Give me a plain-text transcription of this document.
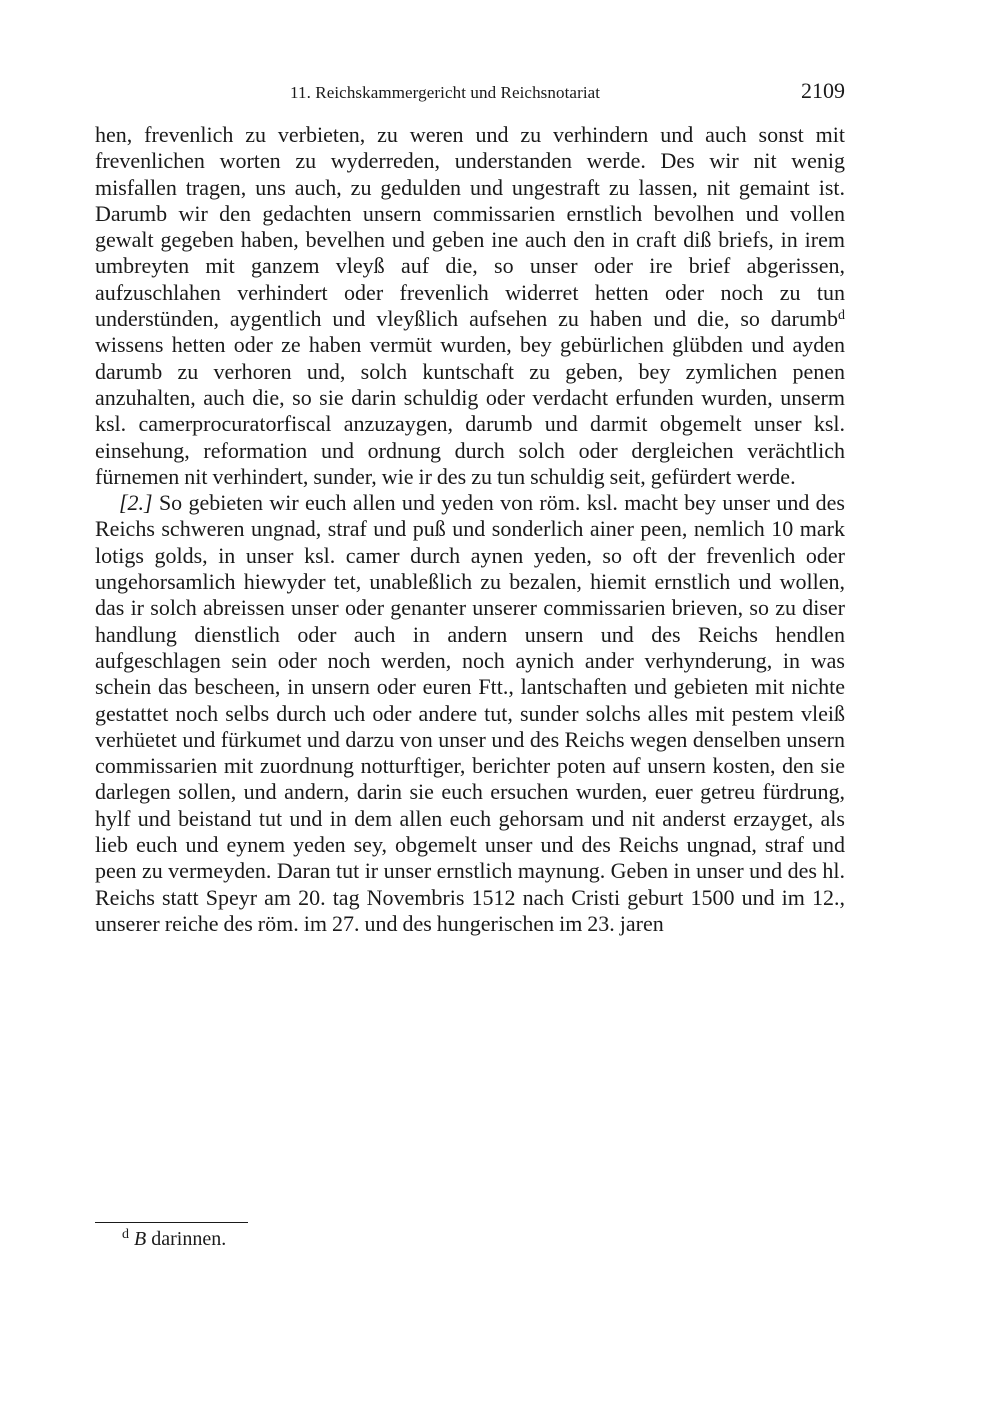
11. Reichskammergericht und Reichsnotariat	2109

hen, frevenlich zu verbieten, zu weren und zu verhindern und auch sonst mit frevenlichen worten zu wyderreden, understanden werde. Des wir nit wenig misfallen tragen, uns auch, zu gedulden und ungestraft zu lassen, nit gemaint ist. Darumb wir den gedachten unsern commissarien ernstlich bevolhen und vollen gewalt gegeben haben, bevelhen und geben ine auch den in craft diß briefs, in irem umbreyten mit ganzem vleyß auf die, so unser oder ire brief abgerissen, aufzuschlahen verhindert oder frevenlich widerret hetten oder noch zu tun understünden, aygentlich und vleyßlich aufsehen zu haben und die, so darumb$^d$ wissens hetten oder ze haben vermüt wurden, bey gebürlichen glübden und ayden darumb zu verhoren und, solch kuntschaft zu geben, bey zymlichen penen anzuhalten, auch die, so sie darin schuldig oder verdacht erfunden wurden, unserm ksl. camerprocuratorfiscal anzuzaygen, darumb und darmit obgemelt unser ksl. einsehung, reformation und ordnung durch solch oder dergleichen verächtlich fürnemen nit verhindert, sunder, wie ir des zu tun schuldig seit, gefürdert werde.

[2.] So gebieten wir euch allen und yeden von röm. ksl. macht bey unser und des Reichs schweren ungnad, straf und puß und sonderlich ainer peen, nemlich 10 mark lotigs golds, in unser ksl. camer durch aynen yeden, so oft der frevenlich oder ungehorsamlich hiewyder tet, unableßlich zu bezalen, hiemit ernstlich und wollen, das ir solch abreissen unser oder genanter unserer commissarien brieven, so zu diser handlung dienstlich oder auch in andern unsern und des Reichs hendlen aufgeschlagen sein oder noch werden, noch aynich ander verhynderung, in was schein das bescheen, in unsern oder euren Ftt., lantschaften und gebieten mit nichte gestattet noch selbs durch uch oder andere tut, sunder solchs alles mit pestem vleiß verhüetet und fürkumet und darzu von unser und des Reichs wegen denselben unsern commissarien mit zuordnung notturftiger, berichter poten auf unsern kosten, den sie darlegen sollen, und andern, darin sie euch ersuchen wurden, euer getreu fürdrung, hylf und beistand tut und in dem allen euch gehorsam und nit anderst erzayget, als lieb euch und eynem yeden sey, obgemelt unser und des Reichs ungnad, straf und peen zu vermeyden. Daran tut ir unser ernstlich maynung. Geben in unser und des hl. Reichs statt Speyr am 20. tag Novembris 1512 nach Cristi geburt 1500 und im 12., unserer reiche des röm. im 27. und des hungerischen im 23. jaren

$^d$ B darinnen.
